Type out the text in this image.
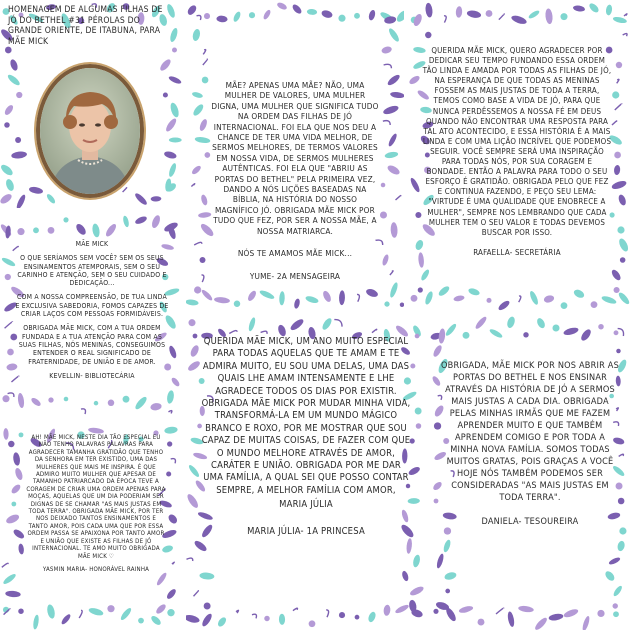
HOMENAGEM DE ALGUMAS FILHAS DE JÓ DO BETHEL #31 PÉROLAS DO GRANDE ORIENTE, DE ITABUNA, PARA MÃE MICK

MÃE? APENAS UMA MÃE? NÃO, UMA MULHER DE VALORES, UMA MULHER DIGNA, UMA MULHER QUE SIGNIFICA TUDO NA ORDEM DAS FILHAS DE JÓ INTERNACIONAL. FOI ELA QUE NOS DEU A CHANCE DE TER UMA VIDA MELHOR, DE SERMOS MELHORES, DE TERMOS VALORES EM NOSSA VIDA, DE SERMOS MULHERES AUTÊNTICAS. FOI ELA QUE "ABRIU AS PORTAS DO BETHEL" PELA PRIMEIRA VEZ, DANDO A NÓS LIÇÕES BASEADAS NA BÍBLIA, NA HISTÓRIA DO NOSSO MAGNÍFICO JÓ. OBRIGADA MÃE MICK POR TUDO QUE FEZ, POR SER A NOSSA MÃE, A NOSSA MATRIARCA.

NÓS TE AMAMOS MÃE MICK...

YUME- 2A MENSAGEIRA

QUERIDA MÃE MICK, QUERO AGRADECER POR DEDICAR SEU TEMPO FUNDANDO ESSA ORDEM TÃO LINDA E AMADA POR TODAS AS FILHAS DE JÓ, NA ESPERANÇA DE QUE TODAS AS MENINAS FOSSEM AS MAIS JUSTAS DE TODA A TERRA, TEMOS COMO BASE A VIDA DE JÓ, PARA QUE NUNCA PERDÊSSEMOS A NOSSA FÉ EM DEUS QUANDO NÃO ENCONTRAR UMA RESPOSTA PARA TAL ATO ACONTECIDO, E ESSA HISTÓRIA É A MAIS LINDA E COM UMA LIÇÃO INCRÍVEL QUE PODEMOS SEGUIR. VOCÊ SEMPRE SERÁ UMA INSPIRAÇÃO PARA TODAS NÓS, POR SUA CORAGEM E BONDADE. ENTÃO A PALAVRA PARA TODO O SEU ESFORÇO É GRATIDÃO. OBRIGADA PELO QUE FEZ E CONTINUA FAZENDO, E PEÇO SEU LEMA: "VIRTUDE É UMA QUALIDADE QUE ENOBRECE A MULHER", SEMPRE NOS LEMBRANDO QUE CADA MULHER TEM O SEU VALOR E TODAS DEVEMOS BUSCAR POR ISSO.

RAFAELLA- SECRETÁRIA

MÃE MICK

O QUE SERÍAMOS SEM VOCÊ? SEM OS SEUS ENSINAMENTOS ATEMPORAIS, SEM O SEU CARINHO E ATENÇÃO, SEM O SEU CUIDADO E DEDICAÇÃO...

COM A NOSSA COMPREENSÃO, DE TUA LINDA E EXCLUSIVA SABEDORIA, FOMOS CAPAZES DE CRIAR LAÇOS COM PESSOAS FORMIDÁVEIS.

OBRIGADA MÃE MICK, COM A TUA ORDEM FUNDADA E A TUA ATENÇÃO PARA COM AS SUAS FILHAS, NÓS MENINAS, CONSEGUIMOS ENTENDER O REAL SIGNIFICADO DE FRATERNIDADE, DE UNIÃO E DE AMOR.

KEVELLIN- BIBLIOTECÁRIA

AH! MÃE MICK, NESTE DIA TÃO ESPECIAL EU NÃO TENHO PALAVRAS PALAVRAS PARA AGRADECER TAMANHA GRATIDÃO QUE TENHO DA SENHORA EM TER EXISTIDO, UMA DAS MULHERES QUE MAIS ME INSPIRA. É QUE ADMIRO MUITO MULHER QUE APESAR DE TAMANHO PATRIARCADO DA ÉPOCA TEVE A CORAGEM DE CRIAR UMA ORDEM APENAS PARA MOÇAS, AQUELAS QUE UM DIA PODERIAM SER DIGNAS DE SE CHAMAR "AS MAIS JUSTAS EM TODA TERRA". OBRIGADA MÃE MICK, POR TER NOS DEIXADO TANTOS ENSINAMENTOS E TANTO AMOR, POIS CADA UMA QUE POR ESSA ORDEM PASSA SE APAIXONA POR TANTO AMOR E UNIÃO QUE EXISTE AS FILHAS DE JÓ INTERNACIONAL. TE AMO MUITO OBRIGADA MÃE MICK ♡

YASMIN MARIA- HONORÁVEL RAINHA

QUERIDA MÃE MICK, UM ANO MUITO ESPECIAL PARA TODAS AQUELAS QUE TE AMAM E TE ADMIRA MUITO, EU SOU UMA DELAS, UMA DAS QUAIS LHE AMAM INTENSAMENTE E LHE AGRADECE TODOS OS DIAS POR EXISTIR. OBRIGADA MÃE MICK POR MUDAR MINHA VIDA, TRANSFORMÁ-LA EM UM MUNDO MÁGICO BRANCO E ROXO, POR ME MOSTRAR QUE SOU CAPAZ DE MUITAS COISAS, DE FAZER COM QUE O MUNDO MELHORE ATRAVÉS DE AMOR, CARÁTER E UNIÃO. OBRIGADA POR ME DAR UMA FAMÍLIA, A QUAL SEI QUE POSSO CONTAR SEMPRE, A MELHOR FAMÍLIA COM AMOR,

MARIA JÚLIA

MARIA JÚLIA- 1A PRINCESA

OBRIGADA, MÃE MICK POR NOS ABRIR AS PORTAS DO BETHEL E NOS ENSINAR ATRAVÉS DA HISTÓRIA DE JÓ A SERMOS MAIS JUSTAS A CADA DIA. OBRIGADA PELAS MINHAS IRMÃS QUE ME FAZEM APRENDER MUITO E QUE TAMBÉM APRENDEM COMIGO E POR TODA A MINHA NOVA FAMÍLIA. SOMOS TODAS MUITOS GRATAS, POIS GRAÇAS A VOCÊ HOJE NÓS TAMBÉM PODEMOS SER CONSIDERADAS "AS MAIS JUSTAS EM TODA TERRA".

DANIELA- TESOUREIRA
